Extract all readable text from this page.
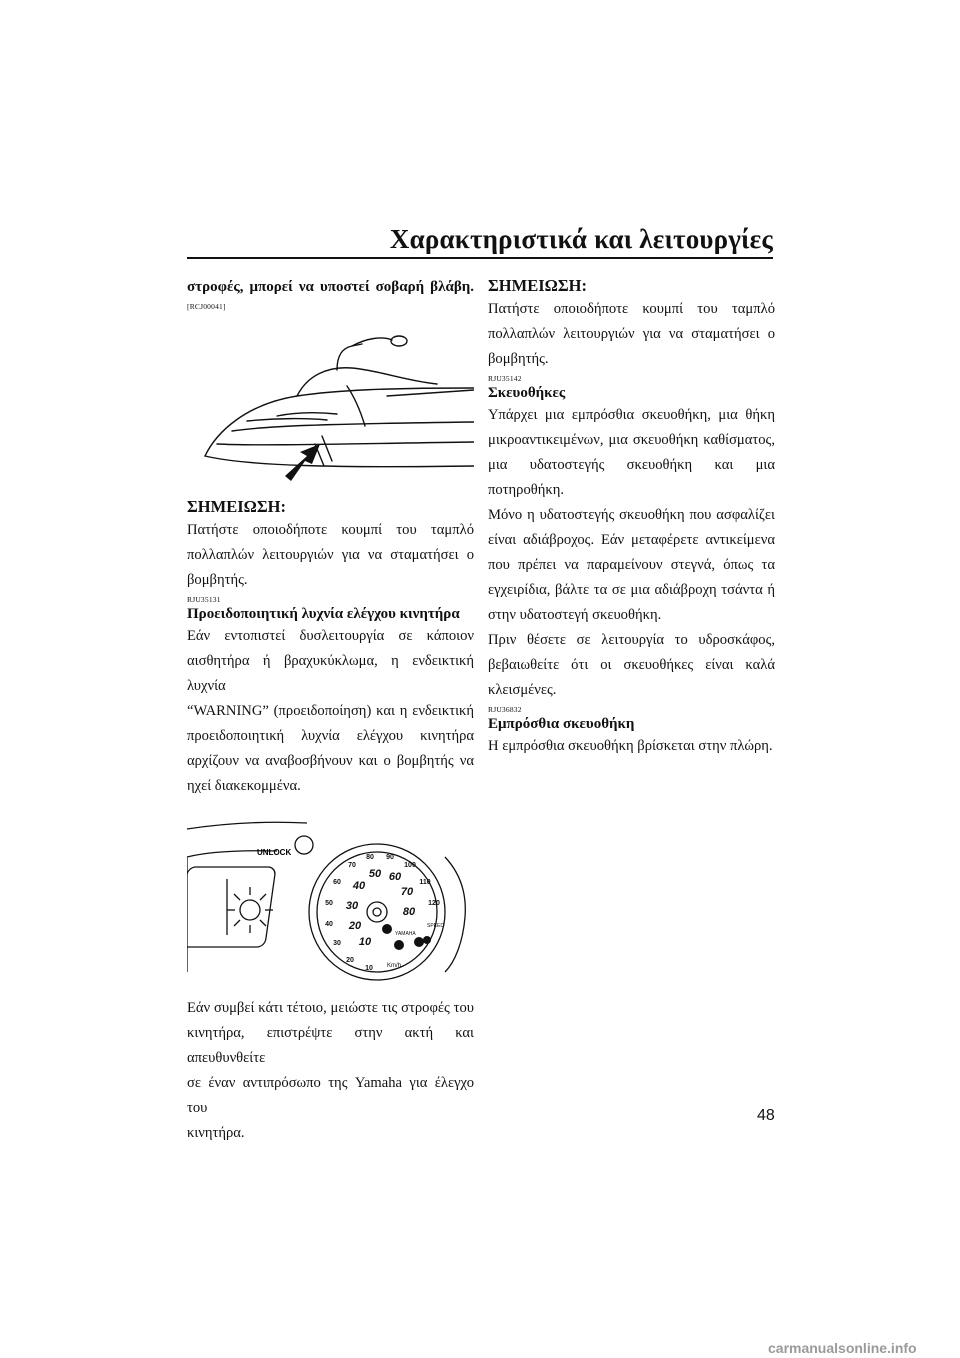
Χαρακτηριστικά και λειτουργίες

στροφές, μπορεί να υποστεί σοβαρή βλάβη.

[RCJ00041]

ΣΗΜΕΙΩΣΗ:

Πατήστε οποιοδήποτε κουμπί του ταμπλό

πολλαπλών λειτουργιών για να σταματήσει ο

βομβητής.

RJU35131

Προειδοποιητική λυχνία ελέγχου κινητήρα

Εάν εντοπιστεί δυσλειτουργία σε κάποιον

αισθητήρα ή βραχυκύκλωμα, η ενδεικτική λυχνία

“WARNING” (προειδοποίηση) και η ενδεικτική

προειδοποιητική λυχνία ελέγχου κινητήρα

αρχίζουν να αναβοσβήνουν και ο βομβητής να

ηχεί διακεκομμένα.

UNLOCK
10
20
30
40
50
60
70
80 90
100
110
120
10
20
30
40
50 60
70
80
Km/h
SPEED
YAMAHA

Εάν συμβεί κάτι τέτοιο, μειώστε τις στροφές του

κινητήρα, επιστρέψτε στην ακτή και απευθυνθείτε

σε έναν αντιπρόσωπο της Yamaha για έλεγχο του

κινητήρα.

ΣΗΜΕΙΩΣΗ:

Πατήστε οποιοδήποτε κουμπί του ταμπλό

πολλαπλών λειτουργιών για να σταματήσει ο

βομβητής.

RJU35142

Σκευοθήκες

Υπάρχει μια εμπρόσθια σκευοθήκη, μια θήκη

μικροαντικειμένων, μια σκευοθήκη καθίσματος,

μια υδατοστεγής σκευοθήκη και μια ποτηροθήκη.

Μόνο η υδατοστεγής σκευοθήκη που ασφαλίζει

είναι αδιάβροχος. Εάν μεταφέρετε αντικείμενα

που πρέπει να παραμείνουν στεγνά, όπως τα

εγχειρίδια, βάλτε τα σε μια αδιάβροχη τσάντα ή

στην υδατοστεγή σκευοθήκη.

Πριν θέσετε σε λειτουργία το υδροσκάφος,

βεβαιωθείτε ότι οι σκευοθήκες είναι καλά

κλεισμένες.

RJU36832

Εμπρόσθια σκευοθήκη

Η εμπρόσθια σκευοθήκη βρίσκεται στην πλώρη.

48
carmanualsonline.info
